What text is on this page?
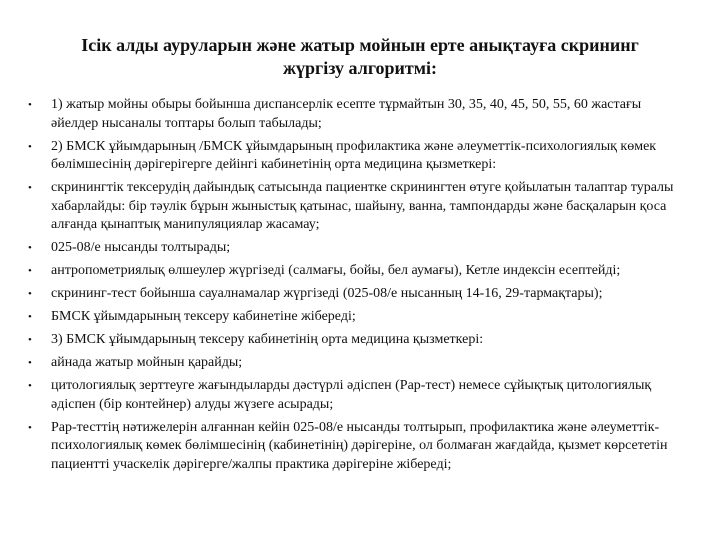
Ісік алды ауруларын және жатыр мойнын ерте анықтауға скрининг
жүргізу алгоритмі:
• 1) жатыр мойны обыры бойынша диспансерлік есепте тұрмайтын 30, 35, 40, 45, 50, 55, 60 жастағы әйелдер нысаналы топтары болып табылады;
• 2) БМСК ұйымдарының /БМСК ұйымдарының профилактика және әлеуметтік-психологиялық көмек бөлімшесінің дәрігерігерге дейінгі кабинетінің орта медицина қызметкері:
• скринингтік тексерудің дайындық сатысында пациентке скринингтен өтуге қойылатын талаптар туралы хабарлайды: бір тәулік бұрын жыныстық қатынас, шайыну, ванна, тампондарды және басқаларын қоса алғанда қынаптық манипуляциялар жасамау;
• 025-08/е нысанды толтырады;
• антропометриялық өлшеулер жүргізеді (салмағы, бойы, бел аумағы), Кетле индексін есептейді;
• скрининг-тест бойынша сауалнамалар жүргізеді (025-08/е нысанның 14-16, 29-тармақтары);
• БМСК ұйымдарының тексеру кабинетіне жібереді;
• 3) БМСК ұйымдарының тексеру кабинетінің орта медицина қызметкері:
• айнада жатыр мойнын қарайды;
• цитологиялық зерттеуге жағындыларды дәстүрлі әдіспен (Pap-тест) немесе сұйықтық цитологиялық әдіспен (бір контейнер) алуды жүзеге асырады;
• Pap-тесттің нәтижелерін алғаннан кейін 025-08/е нысанды толтырып, профилактика және әлеуметтік-психологиялық көмек бөлімшесінің (кабинетінің) дәрігеріне, ол болмаған жағдайда, қызмет көрсететін пациентті учаскелік дәрігерге/жалпы практика дәрігеріне жібереді;
